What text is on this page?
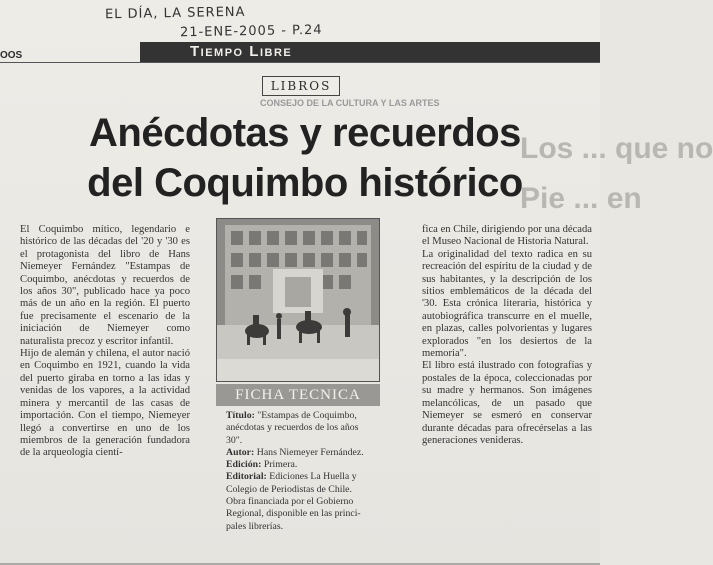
EL DÍA, LA SERENA
21-ENE-2005 - P.24
OOS	Tiempo Libre
LIBROS
CONSEJO DE LA CULTURA Y LAS ARTES
Los ... que no
Pie ... en
Anécdotas y recuerdos
del Coquimbo histórico
El Coquimbo mítico, legendario e histórico de las décadas del '20 y '30 es el protagonista del libro de Hans Niemeyer Fernández "Estampas de Coquimbo, anécdotas y recuerdos de los años 30", publicado hace ya poco más de un año en la región. El puerto fue precisamente el escenario de la iniciación de Niemeyer como naturalista precoz y escritor infantil.
Hijo de alemán y chilena, el autor nació en Coquimbo en 1921, cuando la vida del puerto giraba en torno a las idas y venidas de los vapores, a la actividad minera y mercantil de las casas de importación. Con el tiempo, Niemeyer llegó a convertirse en uno de los miembros de la generación fundadora de la arqueología cientí-
FICHA TECNICA

Título: "Estampas de Coquimbo,

anécdotas y recuerdos de los años 30".

Autor: Hans Niemeyer Fernández.

Edición: Primera.

Editorial: Ediciones La Huella y

Colegio de Periodistas de Chile.

Obra financiada por el Gobierno

Regional, disponible en las princi-

pales librerías.

fica en Chile, dirigiendo por una década el Museo Nacional de Historia Natural.
La originalidad del texto radica en su recreación del espíritu de la ciudad y de sus habitantes, y la descripción de los sitios emblemáticos de la década del '30. Esta crónica literaria, histórica y autobiográfica transcurre en el muelle, en plazas, calles polvorientas y lugares explorados "en los desiertos de la memoria".
El libro está ilustrado con fotografías y postales de la época, coleccionadas por su madre y hermanos. Son imágenes melancólicas, de un pasado que Niemeyer se esmeró en conservar durante décadas para ofrecérselas a las generaciones venideras.
